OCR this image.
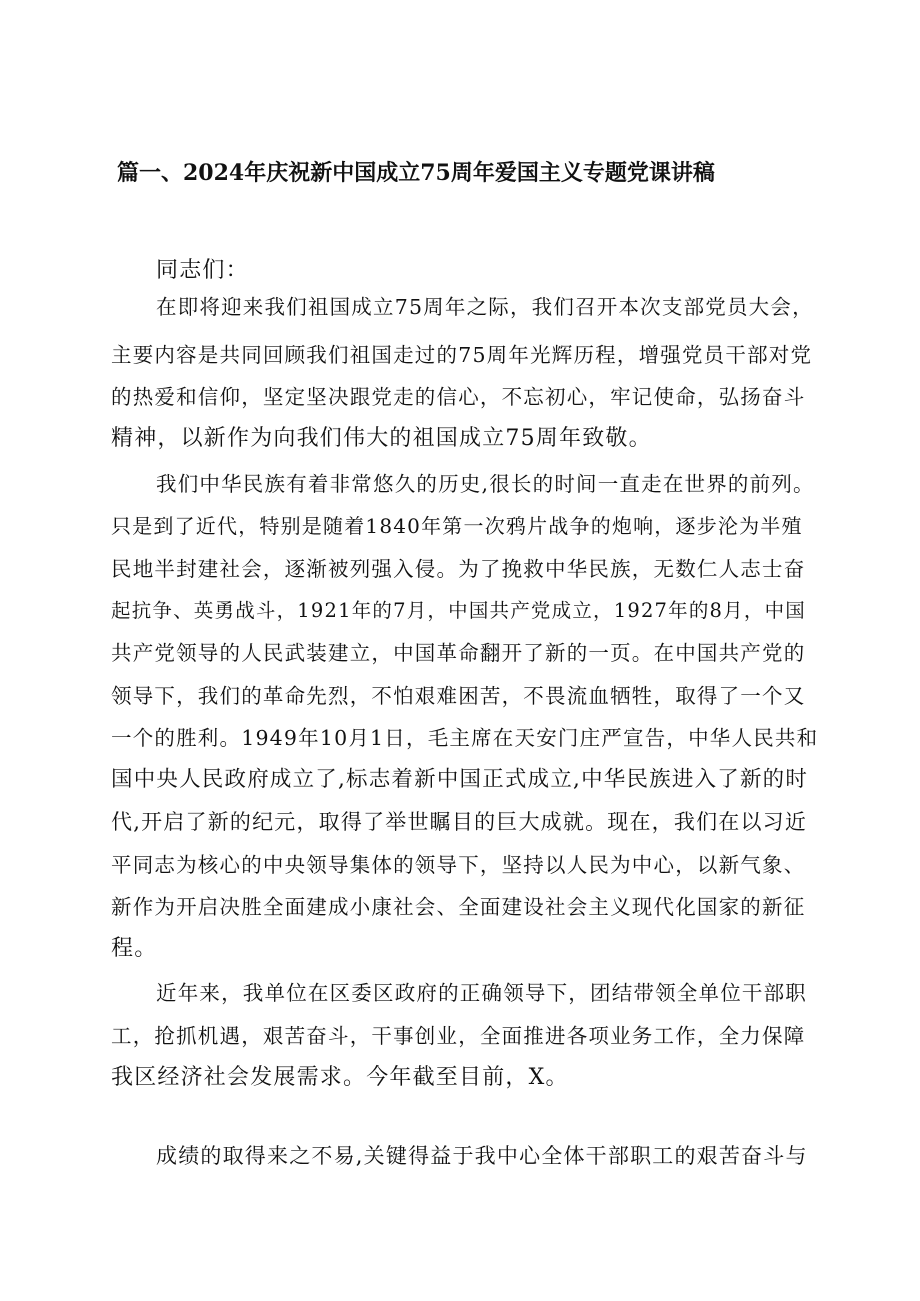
篇一、2024年庆祝新中国成立75周年爱国主义专题党课讲稿
同志们：
在即将迎来我们祖国成立75周年之际，我们召开本次支部党员大会，
主要内容是共同回顾我们祖国走过的75周年光辉历程，增强党员干部对党
的热爱和信仰，坚定坚决跟党走的信心，不忘初心，牢记使命，弘扬奋斗
精神，以新作为向我们伟大的祖国成立75周年致敬。
我们中华民族有着非常悠久的历史,很长的时间一直走在世界的前列。
只是到了近代，特别是随着1840年第一次鸦片战争的炮响，逐步沦为半殖
民地半封建社会，逐渐被列强入侵。为了挽救中华民族，无数仁人志士奋
起抗争、英勇战斗，1921年的7月，中国共产党成立，1927年的8月，中国
共产党领导的人民武装建立，中国革命翻开了新的一页。在中国共产党的
领导下，我们的革命先烈，不怕艰难困苦，不畏流血牺牲，取得了一个又
一个的胜利。1949年10月1日，毛主席在天安门庄严宣告，中华人民共和
国中央人民政府成立了,标志着新中国正式成立,中华民族进入了新的时
代,开启了新的纪元，取得了举世瞩目的巨大成就。现在，我们在以习近
平同志为核心的中央领导集体的领导下，坚持以人民为中心，以新气象、
新作为开启决胜全面建成小康社会、全面建设社会主义现代化国家的新征
程。
近年来，我单位在区委区政府的正确领导下，团结带领全单位干部职
工，抢抓机遇，艰苦奋斗，干事创业，全面推进各项业务工作，全力保障
我区经济社会发展需求。今年截至目前，X。
成绩的取得来之不易,关键得益于我中心全体干部职工的艰苦奋斗与
